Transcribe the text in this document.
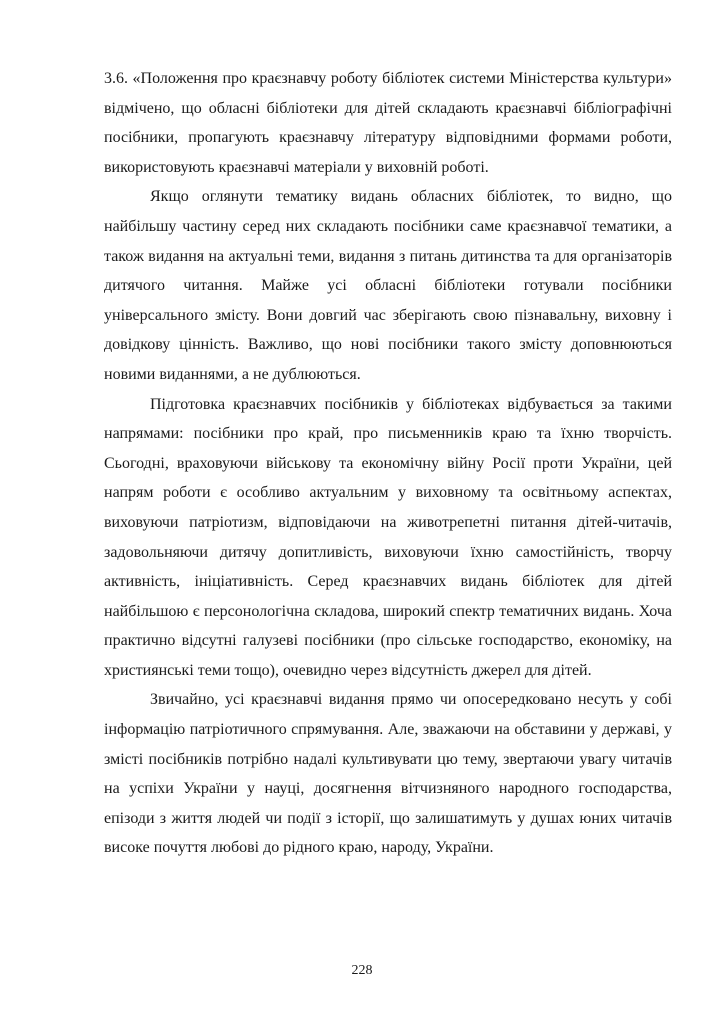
3.6. «Положення про краєзнавчу роботу бібліотек системи Міністерства культури» відмічено, що обласні бібліотеки для дітей складають краєзнавчі бібліографічні посібники, пропагують краєзнавчу літературу відповідними формами роботи, використовують краєзнавчі матеріали у виховній роботі.

Якщо оглянути тематику видань обласних бібліотек, то видно, що найбільшу частину серед них складають посібники саме краєзнавчої тематики, а також видання на актуальні теми, видання з питань дитинства та для організаторів дитячого читання. Майже усі обласні бібліотеки готували посібники універсального змісту. Вони довгий час зберігають свою пізнавальну, виховну і довідкову цінність. Важливо, що нові посібники такого змісту доповнюються новими виданнями, а не дублюються.

Підготовка краєзнавчих посібників у бібліотеках відбувається за такими напрямами: посібники про край, про письменників краю та їхню творчість. Сьогодні, враховуючи військову та економічну війну Росії проти України, цей напрям роботи є особливо актуальним у виховному та освітньому аспектах, виховуючи патріотизм, відповідаючи на животрепетні питання дітей-читачів, задовольняючи дитячу допитливість, виховуючи їхню самостійність, творчу активність, ініціативність. Серед краєзнавчих видань бібліотек для дітей найбільшою є персонологічна складова, широкий спектр тематичних видань. Хоча практично відсутні галузеві посібники (про сільське господарство, економіку, на християнські теми тощо), очевидно через відсутність джерел для дітей.

Звичайно, усі краєзнавчі видання прямо чи опосередковано несуть у собі інформацію патріотичного спрямування. Але, зважаючи на обставини у державі, у змісті посібників потрібно надалі культивувати цю тему, звертаючи увагу читачів на успіхи України у науці, досягнення вітчизняного народного господарства, епізоди з життя людей чи події з історії, що залишатимуть у душах юних читачів високе почуття любові до рідного краю, народу, України.

228
